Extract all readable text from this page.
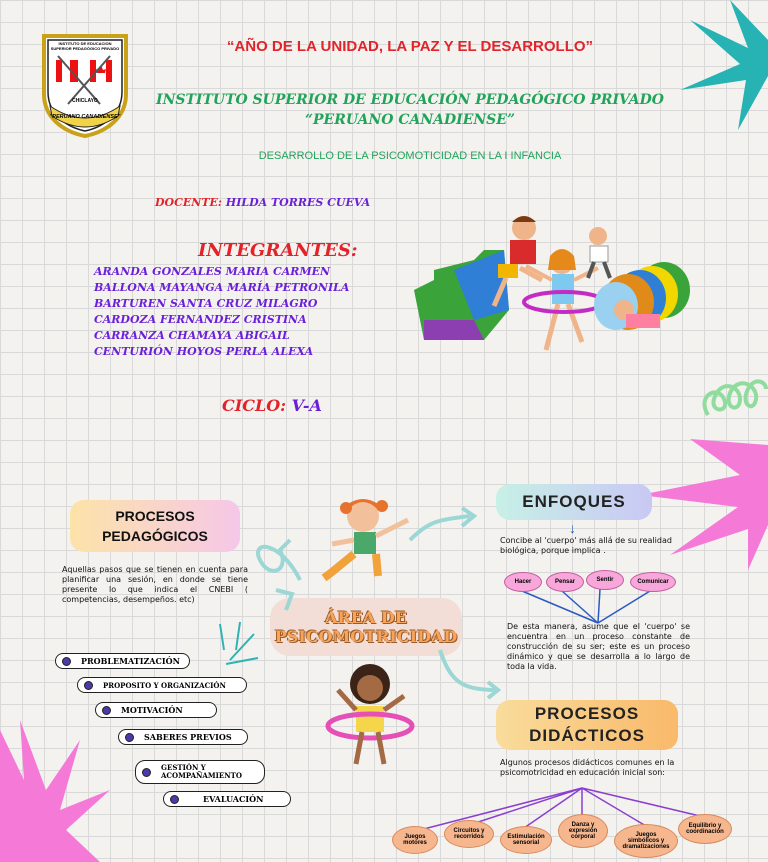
INSTITUTO DE EDUCACION SUPERIOR PEDAGÓGICO PRIVADO
CHICLAYO
"PERUANO CANADIENSE"
“AÑO DE LA UNIDAD, LA PAZ Y EL DESARROLLO”
INSTITUTO SUPERIOR DE EDUCACIÓN PEDAGÓGICO PRIVADO
“PERUANO CANADIENSE”
DESARROLLO DE LA PSICOMOTICIDAD EN LA I INFANCIA
DOCENTE: HILDA TORRES CUEVA
INTEGRANTES:
ARANDA GONZALES MARIA CARMEN
BALLONA MAYANGA MARÍA PETRONILA
BARTUREN SANTA CRUZ MILAGRO
CARDOZA FERNANDEZ CRISTINA
CARRANZA CHAMAYA ABIGAIL
CENTURIÓN HOYOS PERLA ALEXA
CICLO: V-A
PROCESOS PEDAGÓGICOS
Aquellas pasos que se tienen en cuenta para planificar una sesión, en donde se tiene presente lo que indica el CNEBI ( competencias, desempeños. etc)
PROBLEMATIZACIÓN
PROPOSITO Y ORGANIZACIÓN
MOTIVACIÓN
SABERES PREVIOS
GESTIÓN Y ACOMPAÑAMIENTO
EVALUACIÓN
ÁREA DE PSICOMOTRICIDAD
ENFOQUES
↓
Concibe al 'cuerpo' más allá de su realidad biológica, porque implica .
Hacer	Pensar	Sentir	Comunicar
De esta manera, asume que el 'cuerpo' se encuentra en un proceso constante de construcción de su ser; este es un proceso dinámico y que se desarrolla a lo largo de toda la vida.
PROCESOS DIDÁCTICOS
Algunos procesos didácticos comunes en la psicomotricidad en educación inicial son:
Juegos motores
Circuitos y recorridos	Estimulación sensorial
Danza y expresión corporal	Juegos simbólicos y dramatizaciones
Equilibrio y coordinación
